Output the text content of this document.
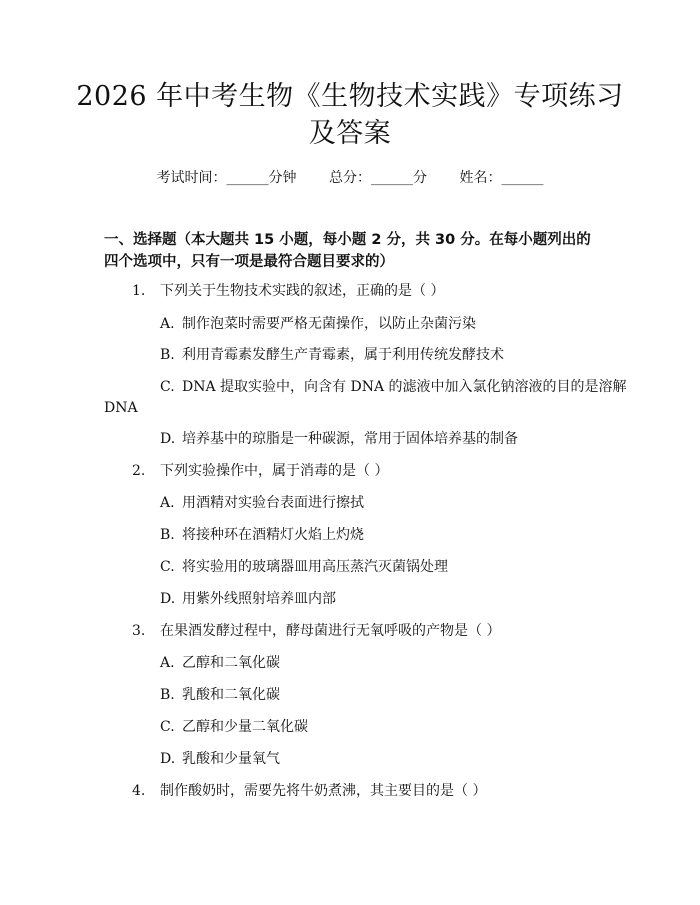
2026 年中考生物《生物技术实践》专项练习
及答案
考试时间：______分钟 总分：______分 姓名：______
一、选择题（本大题共 15 小题，每小题 2 分，共 30 分。在每小题列出的四个选项中，只有一项是最符合题目要求的）
1. 下列关于生物技术实践的叙述，正确的是（ ）
A. 制作泡菜时需要严格无菌操作，以防止杂菌污染
B. 利用青霉素发酵生产青霉素，属于利用传统发酵技术
C. DNA 提取实验中，向含有 DNA 的滤液中加入氯化钠溶液的目的是溶解
DNA
D. 培养基中的琼脂是一种碳源，常用于固体培养基的制备
2. 下列实验操作中，属于消毒的是（ ）
A. 用酒精对实验台表面进行擦拭
B. 将接种环在酒精灯火焰上灼烧
C. 将实验用的玻璃器皿用高压蒸汽灭菌锅处理
D. 用紫外线照射培养皿内部
3. 在果酒发酵过程中，酵母菌进行无氧呼吸的产物是（ ）
A. 乙醇和二氧化碳
B. 乳酸和二氧化碳
C. 乙醇和少量二氧化碳
D. 乳酸和少量氧气
4. 制作酸奶时，需要先将牛奶煮沸，其主要目的是（ ）
